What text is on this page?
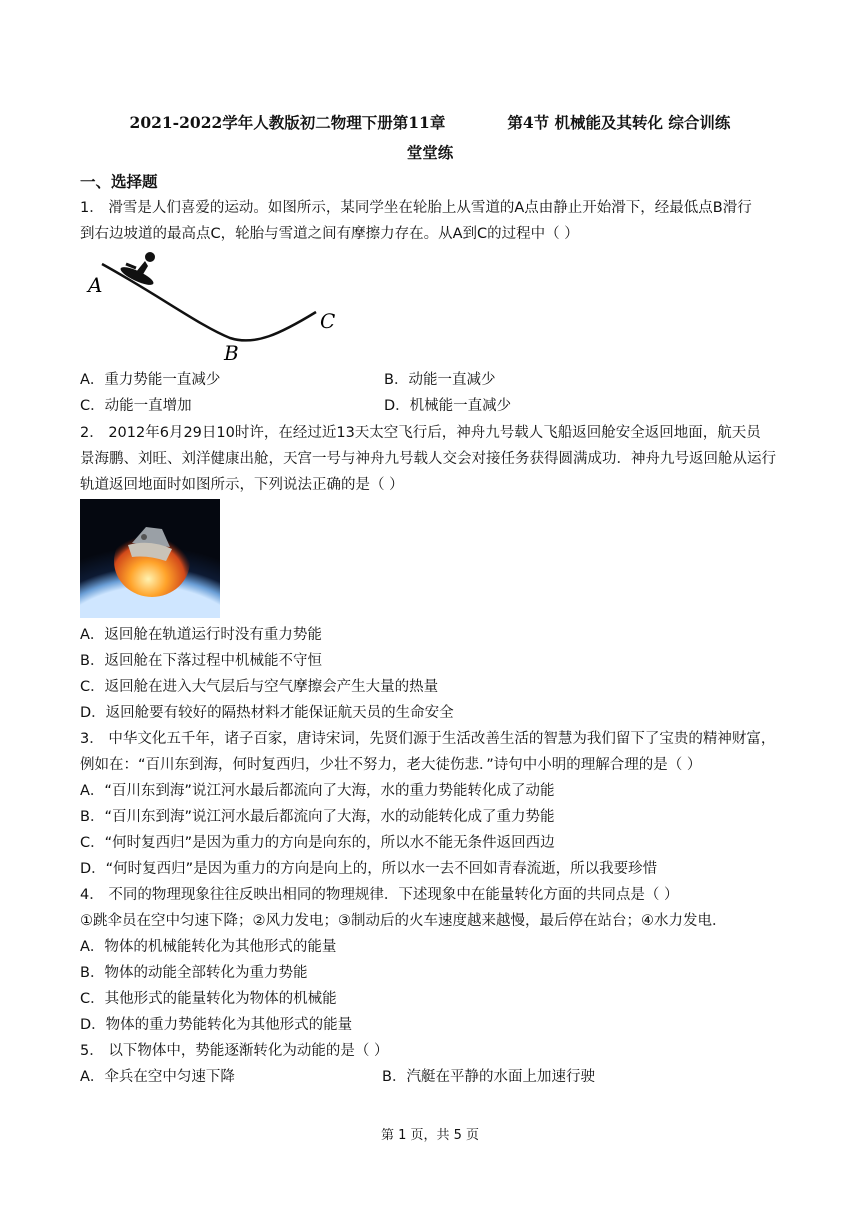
2021-2022学年人教版初二物理下册第11章	第4节 机械能及其转化 综合训练
堂堂练
一、选择题
1． 滑雪是人们喜爱的运动。如图所示，某同学坐在轮胎上从雪道的A点由静止开始滑下，经最低点B滑行
到右边坡道的最高点C，轮胎与雪道之间有摩擦力存在。从A到C的过程中（ ）
A
B
C
A．重力势能一直减少	B．动能一直减少
C．动能一直增加	D．机械能一直减少
2． 2012年6月29日10时许，在经过近13天太空飞行后，神舟九号载人飞船返回舱安全返回地面，航天员
景海鹏、刘旺、刘洋健康出舱，天宫一号与神舟九号载人交会对接任务获得圆满成功．神舟九号返回舱从运行
轨道返回地面时如图所示，下列说法正确的是（ ）
A．返回舱在轨道运行时没有重力势能
B．返回舱在下落过程中机械能不守恒
C．返回舱在进入大气层后与空气摩擦会产生大量的热量
D．返回舱要有较好的隔热材料才能保证航天员的生命安全
3． 中华文化五千年，诸子百家，唐诗宋词，先贤们源于生活改善生活的智慧为我们留下了宝贵的精神财富，
例如在：“百川东到海，何时复西归，少壮不努力，老大徒伤悲．”诗句中小明的理解合理的是（ ）
A．“百川东到海”说江河水最后都流向了大海，水的重力势能转化成了动能
B．“百川东到海”说江河水最后都流向了大海，水的动能转化成了重力势能
C．“何时复西归”是因为重力的方向是向东的，所以水不能无条件返回西边
D．“何时复西归”是因为重力的方向是向上的，所以水一去不回如青春流逝，所以我要珍惜
4． 不同的物理现象往往反映出相同的物理规律．下述现象中在能量转化方面的共同点是（ ）
①跳伞员在空中匀速下降；②风力发电；③制动后的火车速度越来越慢，最后停在站台；④水力发电．
A．物体的机械能转化为其他形式的能量
B．物体的动能全部转化为重力势能
C．其他形式的能量转化为物体的机械能
D．物体的重力势能转化为其他形式的能量
5． 以下物体中，势能逐渐转化为动能的是（ ）
A．伞兵在空中匀速下降	B．汽艇在平静的水面上加速行驶
第 1 页，共 5 页
